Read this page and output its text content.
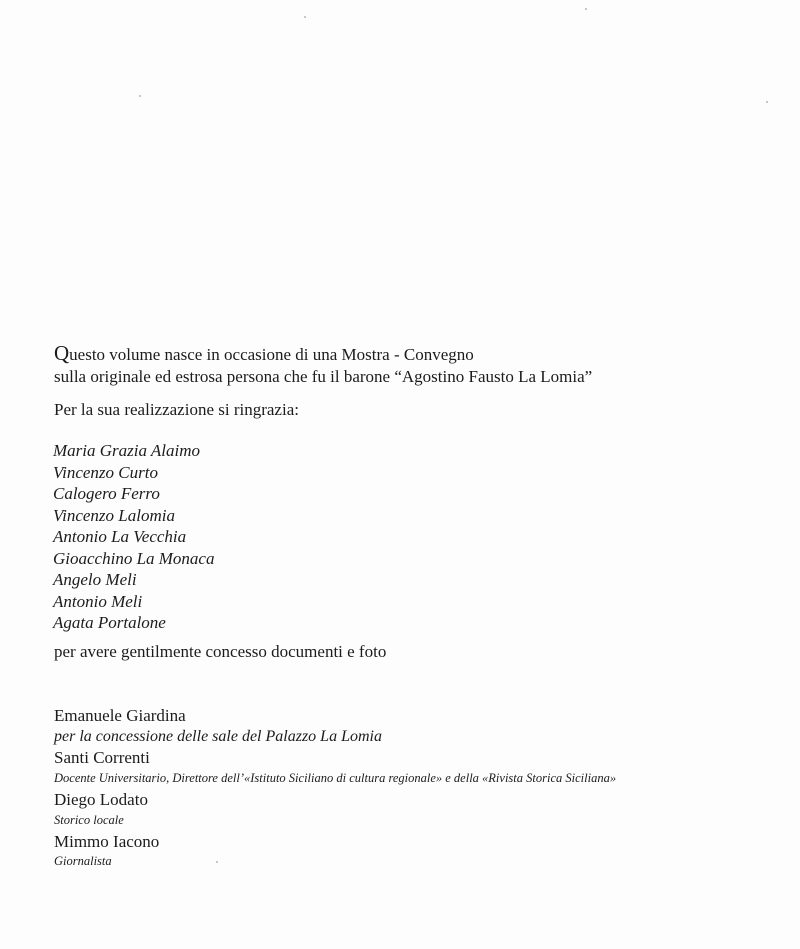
Questo volume nasce in occasione di una Mostra - Convegno
sulla originale ed estrosa persona che fu il barone “Agostino Fausto La Lomia”
Per la sua realizzazione si ringrazia:
Maria Grazia Alaimo
Vincenzo Curto
Calogero Ferro
Vincenzo Lalomia
Antonio La Vecchia
Gioacchino La Monaca
Angelo Meli
Antonio Meli
Agata Portalone
per avere gentilmente concesso documenti e foto
Emanuele Giardina
per la concessione delle sale del Palazzo La Lomia
Santi Correnti
Docente Universitario, Direttore dell’«Istituto Siciliano di cultura regionale» e della «Rivista Storica Siciliana»
Diego Lodato
Storico locale
Mimmo Iacono
Giornalista
